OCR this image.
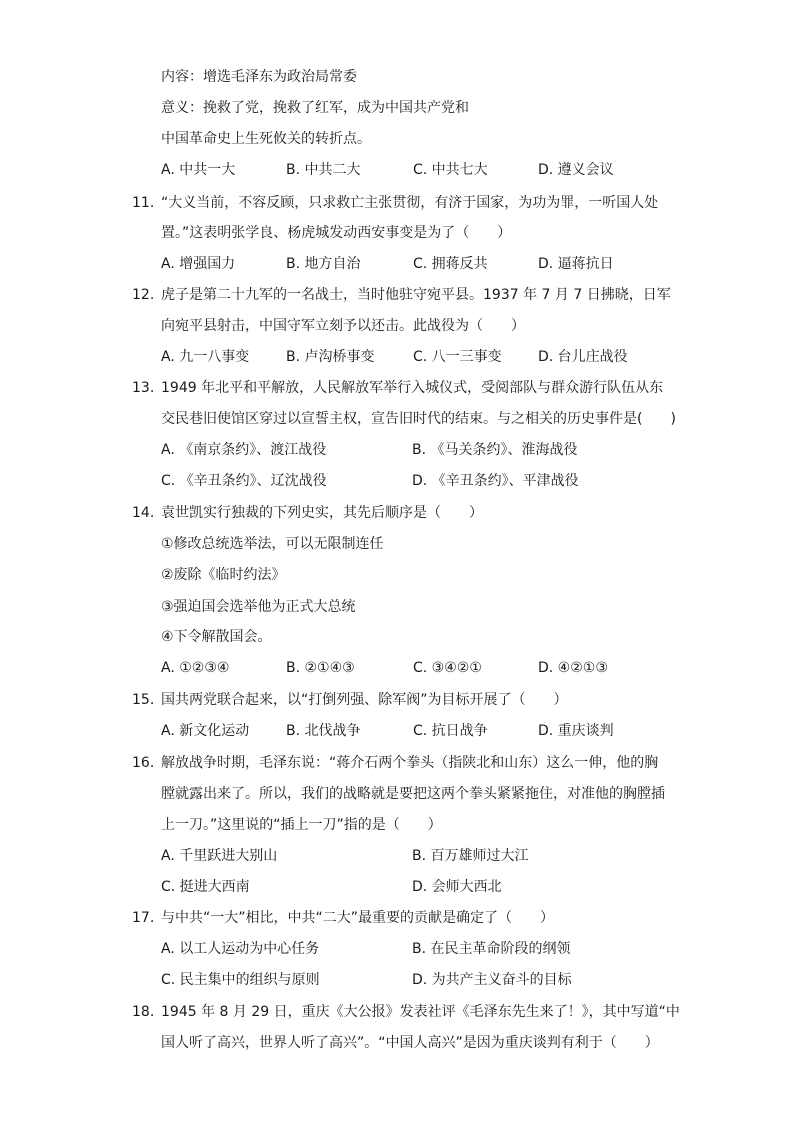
内容：增选毛泽东为政治局常委
意义：挽救了党，挽救了红军，成为中国共产党和
中国革命史上生死攸关的转折点。
A. 中共一大	B. 中共二大	C. 中共七大	D. 遵义会议
11. “大义当前，不容反顾，只求救亡主张贯彻，有济于国家，为功为罪，一听国人处
置。”这表明张学良、杨虎城发动西安事变是为了（　　）
A. 增强国力	B. 地方自治	C. 拥蒋反共	D. 逼蒋抗日
12. 虎子是第二十九军的一名战士，当时他驻守宛平县。1937 年 7 月 7 日拂晓，日军
向宛平县射击，中国守军立刻予以还击。此战役为（　　）
A. 九一八事变	B. 卢沟桥事变	C. 八一三事变	D. 台儿庄战役
13. 1949 年北平和平解放，人民解放军举行入城仪式，受阅部队与群众游行队伍从东
交民巷旧使馆区穿过以宣誓主权，宣告旧时代的结束。与之相关的历史事件是(　　)
A. 《南京条约》、渡江战役	B. 《马关条约》、淮海战役
C. 《辛丑条约》、辽沈战役	D. 《辛丑条约》、平津战役
14. 袁世凯实行独裁的下列史实，其先后顺序是（　　）
①修改总统选举法，可以无限制连任
②废除《临时约法》
③强迫国会选举他为正式大总统
④下令解散国会。
A. ①②③④	B. ②①④③	C. ③④②①	D. ④②①③
15. 国共两党联合起来，以“打倒列强、除军阀”为目标开展了（　　）
A. 新文化运动	B. 北伐战争	C. 抗日战争	D. 重庆谈判
16. 解放战争时期，毛泽东说：“蒋介石两个拳头（指陕北和山东）这么一伸，他的胸
膛就露出来了。所以，我们的战略就是要把这两个拳头紧紧拖住，对准他的胸膛插
上一刀。”这里说的“插上一刀”指的是（　　）
A. 千里跃进大别山	B. 百万雄师过大江
C. 挺进大西南	D. 会师大西北
17. 与中共“一大”相比，中共“二大”最重要的贡献是确定了（　　）
A. 以工人运动为中心任务	B. 在民主革命阶段的纲领
C. 民主集中的组织与原则	D. 为共产主义奋斗的目标
18. 1945 年 8 月 29 日，重庆《大公报》发表社评《毛泽东先生来了！》，其中写道“中
国人听了高兴，世界人听了高兴”。“中国人高兴”是因为重庆谈判有利于（　　）
